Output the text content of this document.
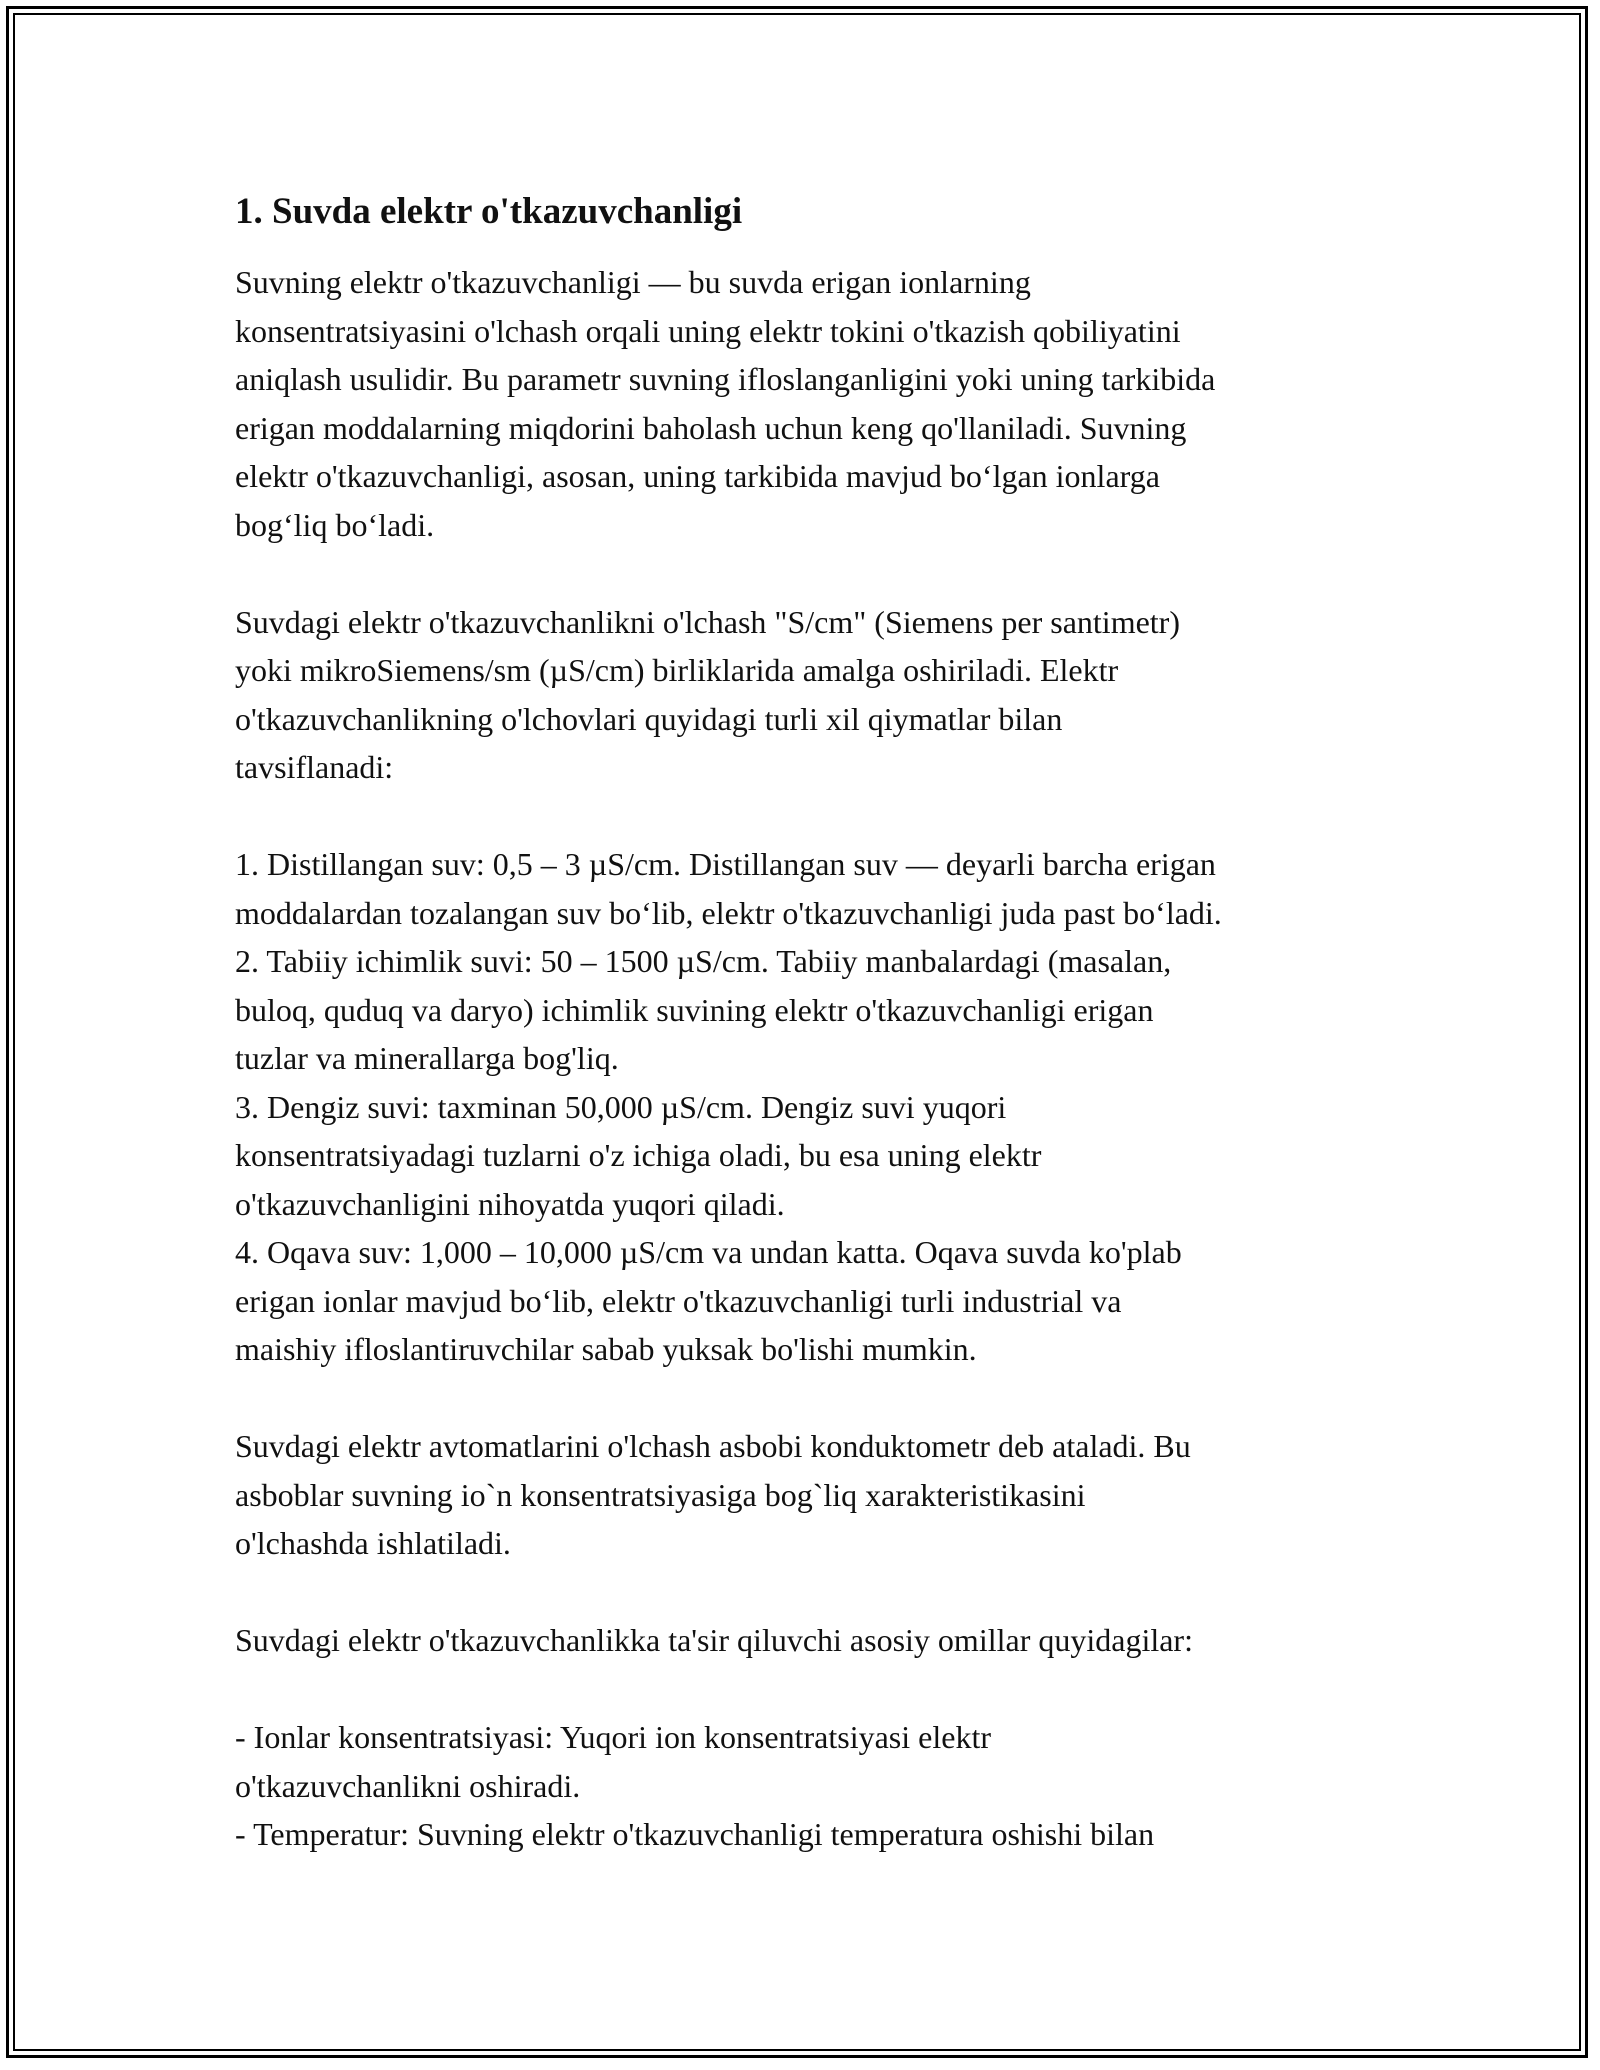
1. Suvda elektr o'tkazuvchanligi

Suvning elektr o'tkazuvchanligi — bu suvda erigan ionlarning
konsentratsiyasini o'lchash orqali uning elektr tokini o'tkazish qobiliyatini
aniqlash usulidir. Bu parametr suvning ifloslanganligini yoki uning tarkibida
erigan moddalarning miqdorini baholash uchun keng qo'llaniladi. Suvning
elektr o'tkazuvchanligi, asosan, uning tarkibida mavjud boʻlgan ionlarga
bogʻliq boʻladi.

Suvdagi elektr o'tkazuvchanlikni o'lchash "S/cm" (Siemens per santimetr)
yoki mikroSiemens/sm (µS/cm) birliklarida amalga oshiriladi. Elektr
o'tkazuvchanlikning o'lchovlari quyidagi turli xil qiymatlar bilan
tavsiflanadi:

1. Distillangan suv: 0,5 – 3 µS/cm. Distillangan suv — deyarli barcha erigan
moddalardan tozalangan suv boʻlib, elektr o'tkazuvchanligi juda past boʻladi.
2. Tabiiy ichimlik suvi: 50 – 1500 µS/cm. Tabiiy manbalardagi (masalan,
buloq, quduq va daryo) ichimlik suvining elektr o'tkazuvchanligi erigan
tuzlar va minerallarga bog'liq.
3. Dengiz suvi: taxminan 50,000 µS/cm. Dengiz suvi yuqori
konsentratsiyadagi tuzlarni o'z ichiga oladi, bu esa uning elektr
o'tkazuvchanligini nihoyatda yuqori qiladi.
4. Oqava suv: 1,000 – 10,000 µS/cm va undan katta. Oqava suvda ko'plab
erigan ionlar mavjud boʻlib, elektr o'tkazuvchanligi turli industrial va
maishiy ifloslantiruvchilar sabab yuksak bo'lishi mumkin.

Suvdagi elektr avtomatlarini o'lchash asbobi konduktometr deb ataladi. Bu
asboblar suvning io`n konsentratsiyasiga bog`liq xarakteristikasini
o'lchashda ishlatiladi.

Suvdagi elektr o'tkazuvchanlikka ta'sir qiluvchi asosiy omillar quyidagilar:

- Ionlar konsentratsiyasi: Yuqori ion konsentratsiyasi elektr
o'tkazuvchanlikni oshiradi.
- Temperatur: Suvning elektr o'tkazuvchanligi temperatura oshishi bilan
